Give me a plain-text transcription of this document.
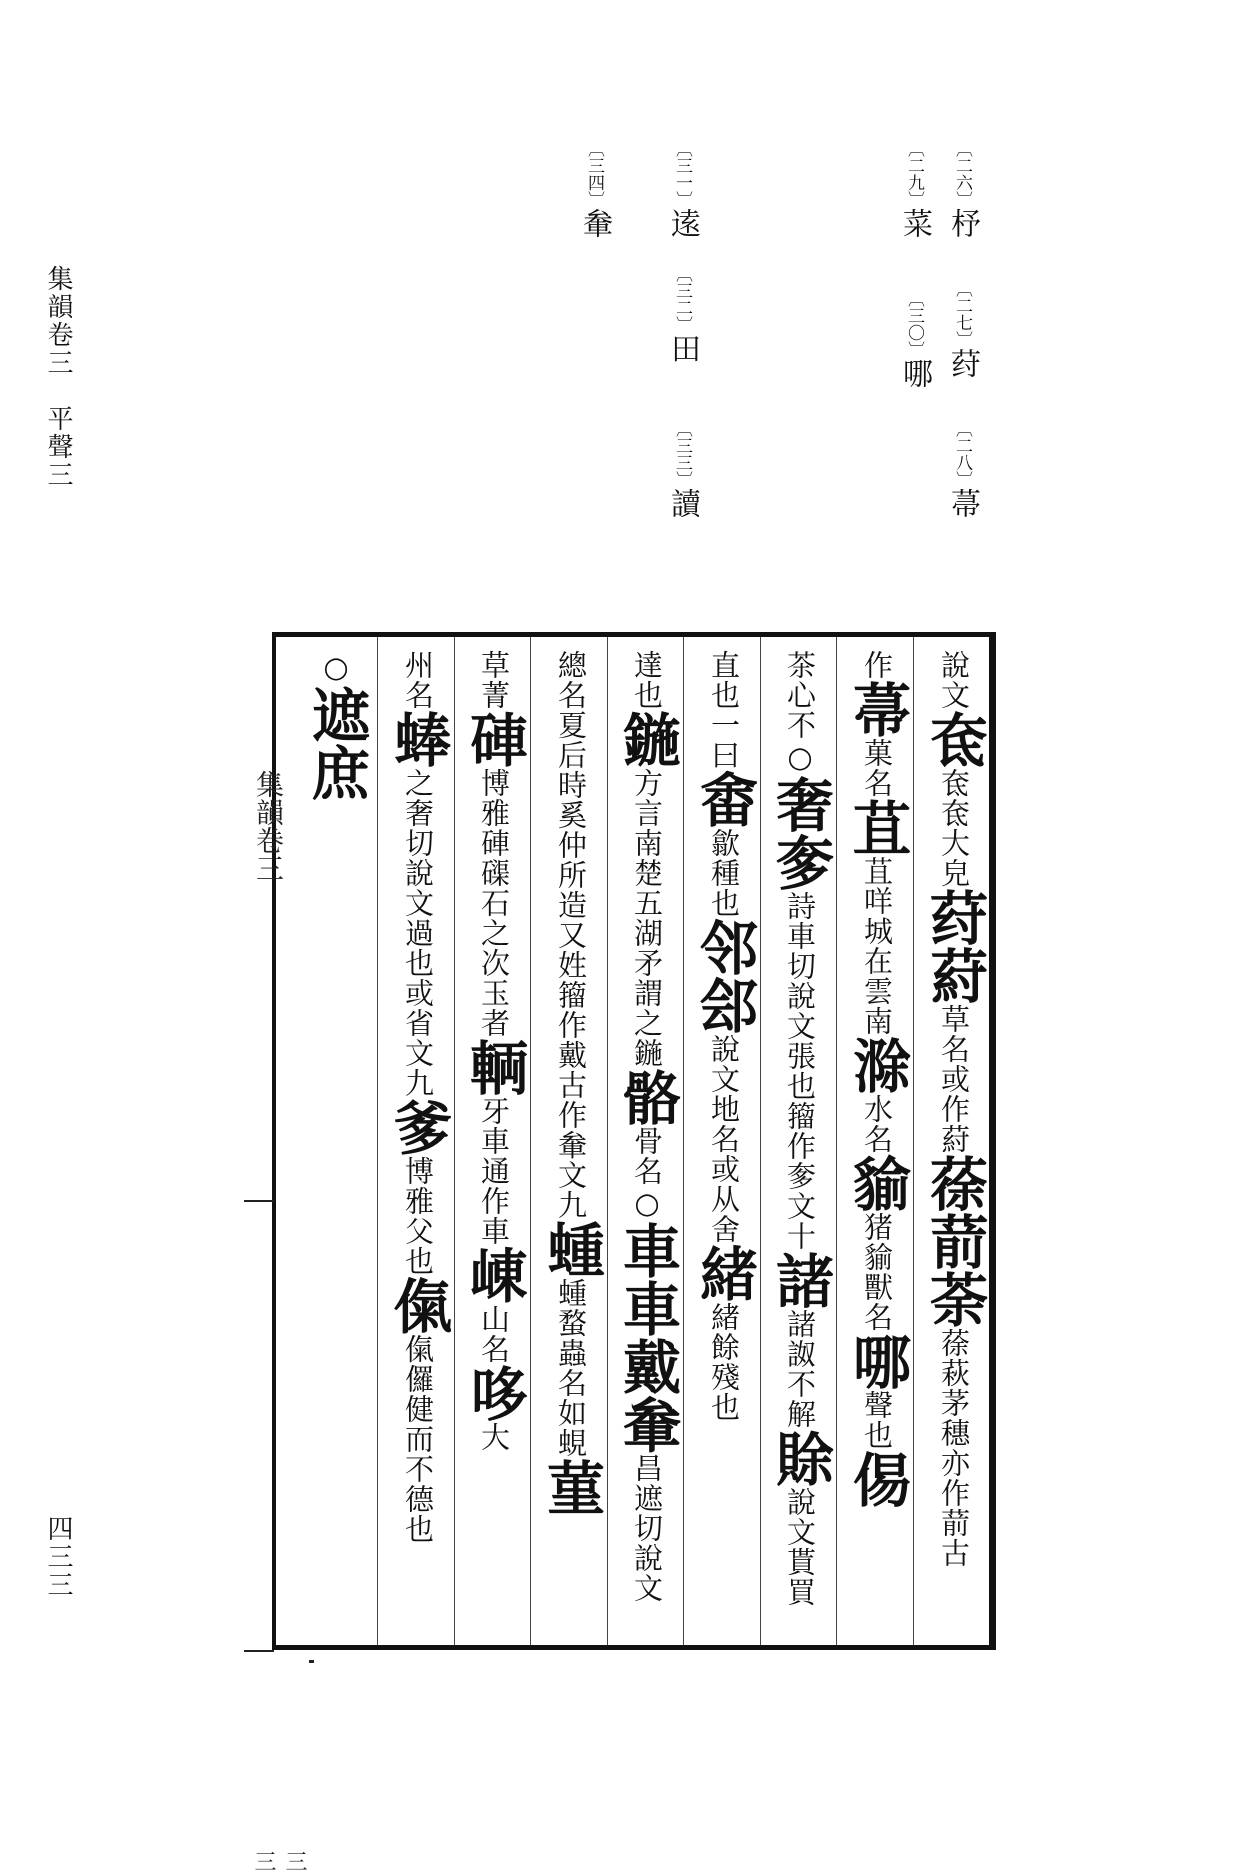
集韻卷三　平聲三
四三三
〔二六〕杼
〔二七〕荮
〔二八〕菷
〔二九〕菜
〔三〇〕哪
〔三一〕逺
〔三二〕田
〔三三〕讀
〔三四〕軬
說文奃奃奃大皃荮葤草名或作葤蒣葥荼蒣萩茅穗亦作葥古
作菷菓名苴苴咩城在雲南滁水名貐猪貐獸名哪聲也㑥
茶心不○奢奓詩車切說文張也籀作奓文十諸諸詉不解賖說文貰買
直也一曰畬歙種也邻郐說文地名或从舍緒緒餘殘也
達也鍦方言南楚五湖矛謂之鍦骼骨名○車車戴軬昌遮切說文
總名夏后時奚仲所造又姓籀作戴古作軬文九蝩蝩蝥蟲名如蜆菫
草菁硨博雅硨磲石之次玉者輌牙車通作車崠山名哆大
州名蜯之奢切說文過也或省文九爹博雅父也㑶㑶儸健而不德也
○遮庶
集韻卷三
三三
